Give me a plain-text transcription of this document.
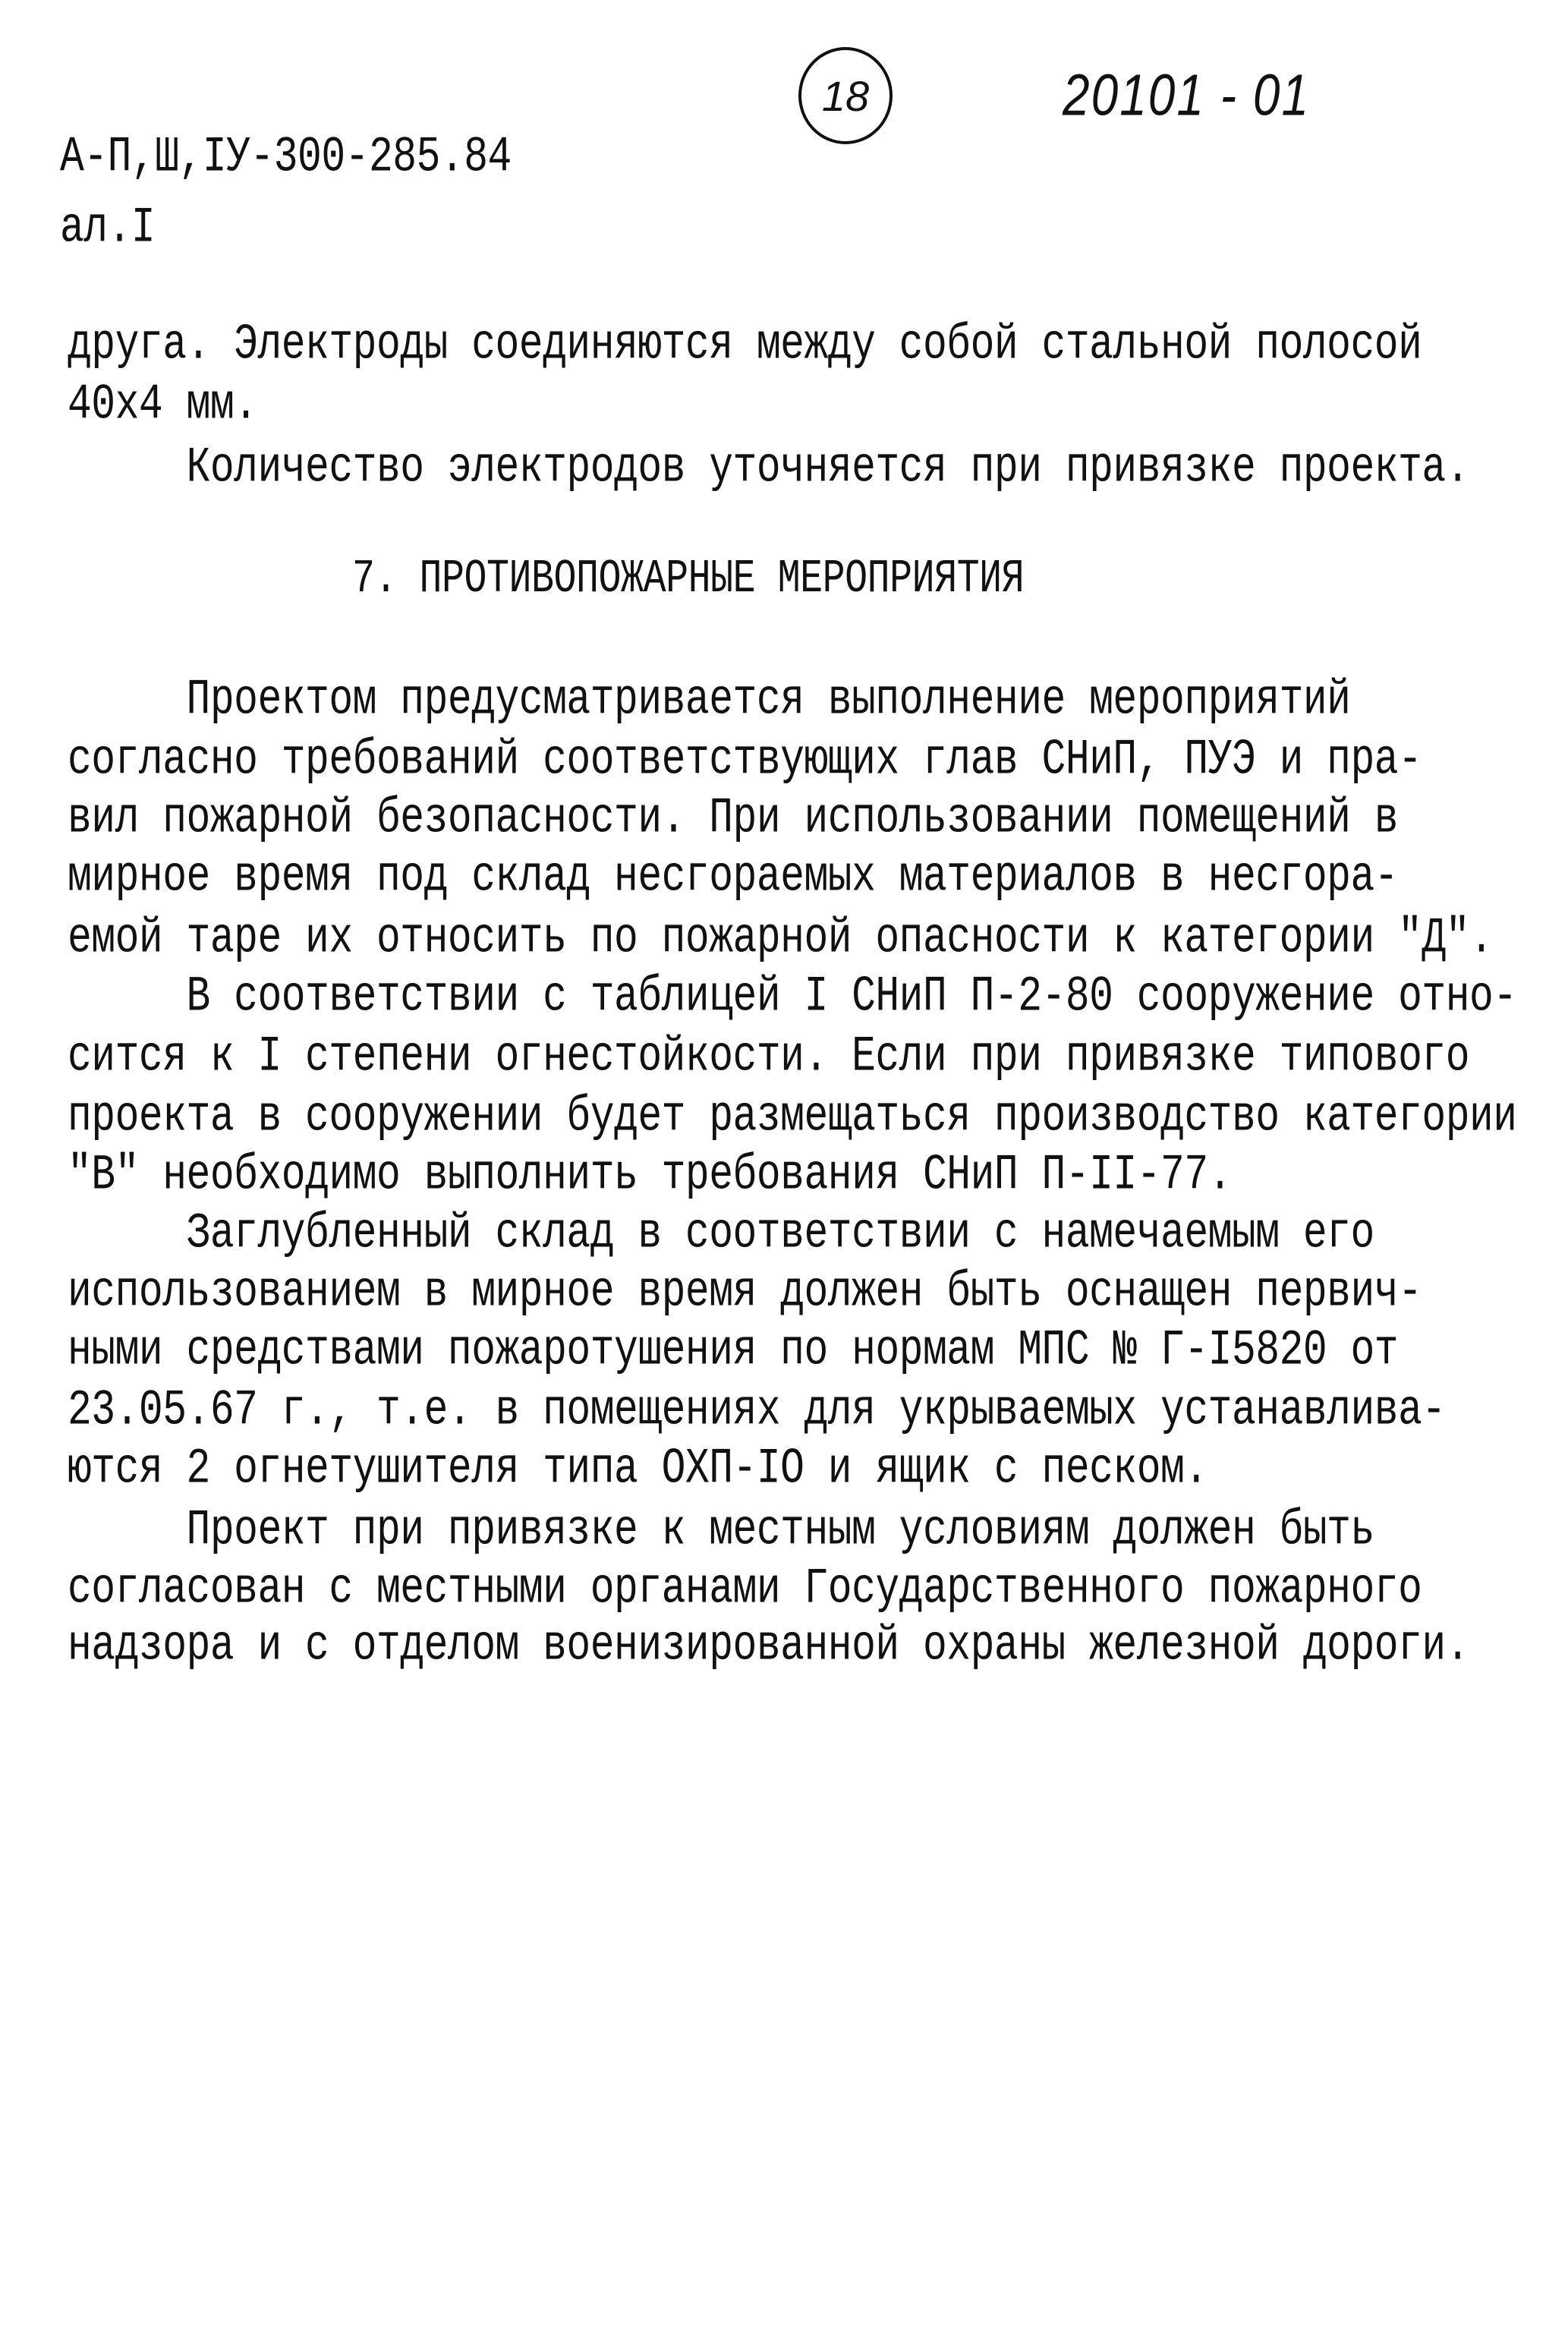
18	20101 - 01
А-П,Ш,IУ-300-285.84
ал.I
друга. Электроды соединяются между собой стальной полосой
40x4 мм.
Количество электродов уточняется при привязке проекта.
7. ПРОТИВОПОЖАРНЫЕ МЕРОПРИЯТИЯ
Проектом предусматривается выполнение мероприятий
согласно требований соответствующих глав СНиП, ПУЭ и пра-
вил пожарной безопасности. При использовании помещений в
мирное время под склад несгораемых материалов в несгора-
емой таре их относить по пожарной опасности к категории "Д".
В соответствии с таблицей I СНиП П-2-80 сооружение отно-
сится к I степени огнестойкости. Если при привязке типового
проекта в сооружении будет размещаться производство категории
"В" необходимо выполнить требования СНиП П-II-77.
Заглубленный склад в соответствии с намечаемым его
использованием в мирное время должен быть оснащен первич-
ными средствами пожаротушения по нормам МПС № Г-I5820 от
23.05.67 г., т.е. в помещениях для укрываемых устанавлива-
ются 2 огнетушителя типа ОХП-IO и ящик с песком.
Проект при привязке к местным условиям должен быть
согласован с местными органами Государственного пожарного
надзора и с отделом военизированной охраны железной дороги.
